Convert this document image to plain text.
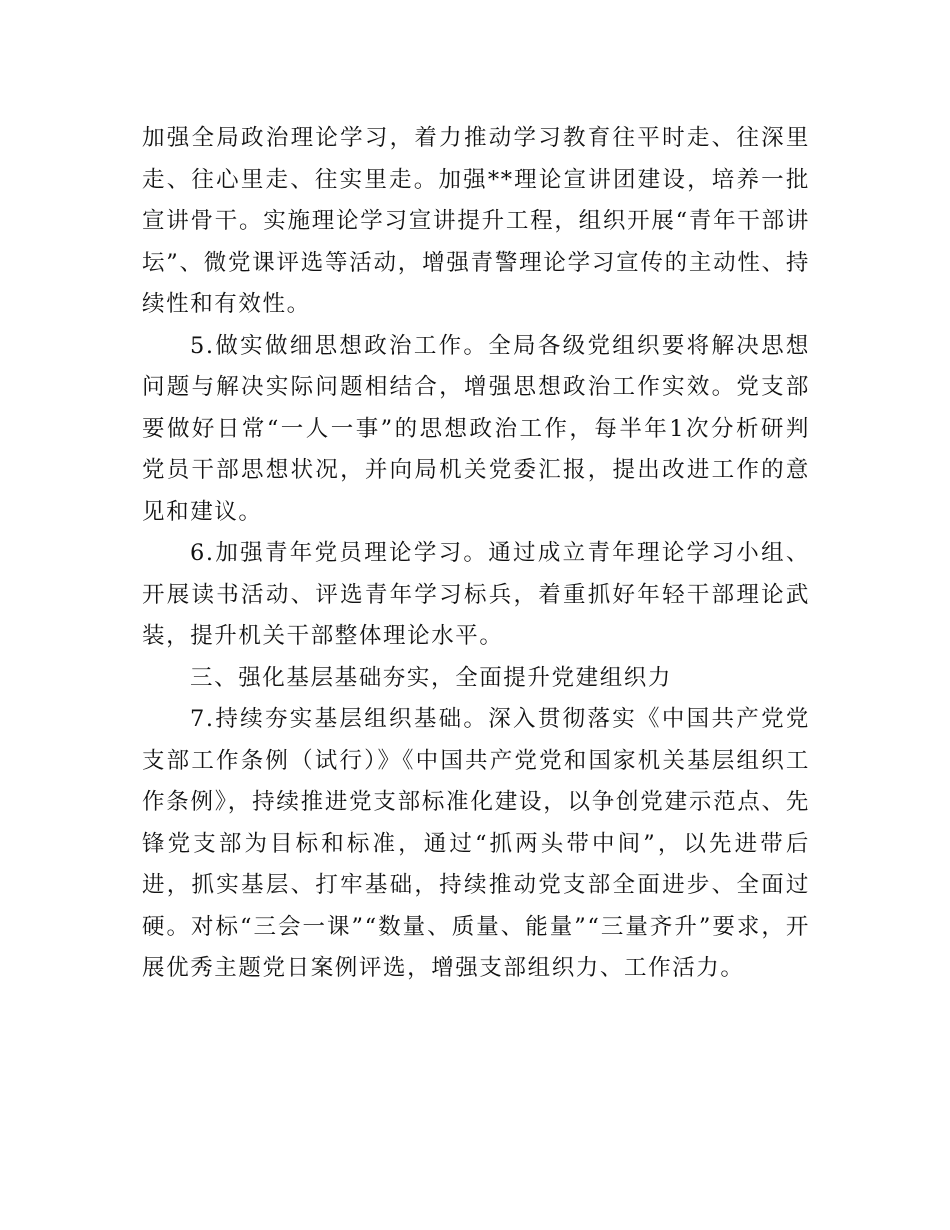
加强全局政治理论学习，着力推动学习教育往平时走、往深里走、往心里走、往实里走。加强**理论宣讲团建设，培养一批宣讲骨干。实施理论学习宣讲提升工程，组织开展“青年干部讲坛”、微党课评选等活动，增强青警理论学习宣传的主动性、持续性和有效性。

5.做实做细思想政治工作。全局各级党组织要将解决思想问题与解决实际问题相结合，增强思想政治工作实效。党支部要做好日常“一人一事”的思想政治工作，每半年1次分析研判党员干部思想状况，并向局机关党委汇报，提出改进工作的意见和建议。

6.加强青年党员理论学习。通过成立青年理论学习小组、开展读书活动、评选青年学习标兵，着重抓好年轻干部理论武装，提升机关干部整体理论水平。

三、强化基层基础夯实，全面提升党建组织力

7.持续夯实基层组织基础。深入贯彻落实《中国共产党党支部工作条例（试行）》《中国共产党党和国家机关基层组织工作条例》，持续推进党支部标准化建设，以争创党建示范点、先锋党支部为目标和标准，通过“抓两头带中间”，以先进带后进，抓实基层、打牢基础，持续推动党支部全面进步、全面过硬。对标“三会一课”“数量、质量、能量”“三量齐升”要求，开展优秀主题党日案例评选，增强支部组织力、工作活力。
